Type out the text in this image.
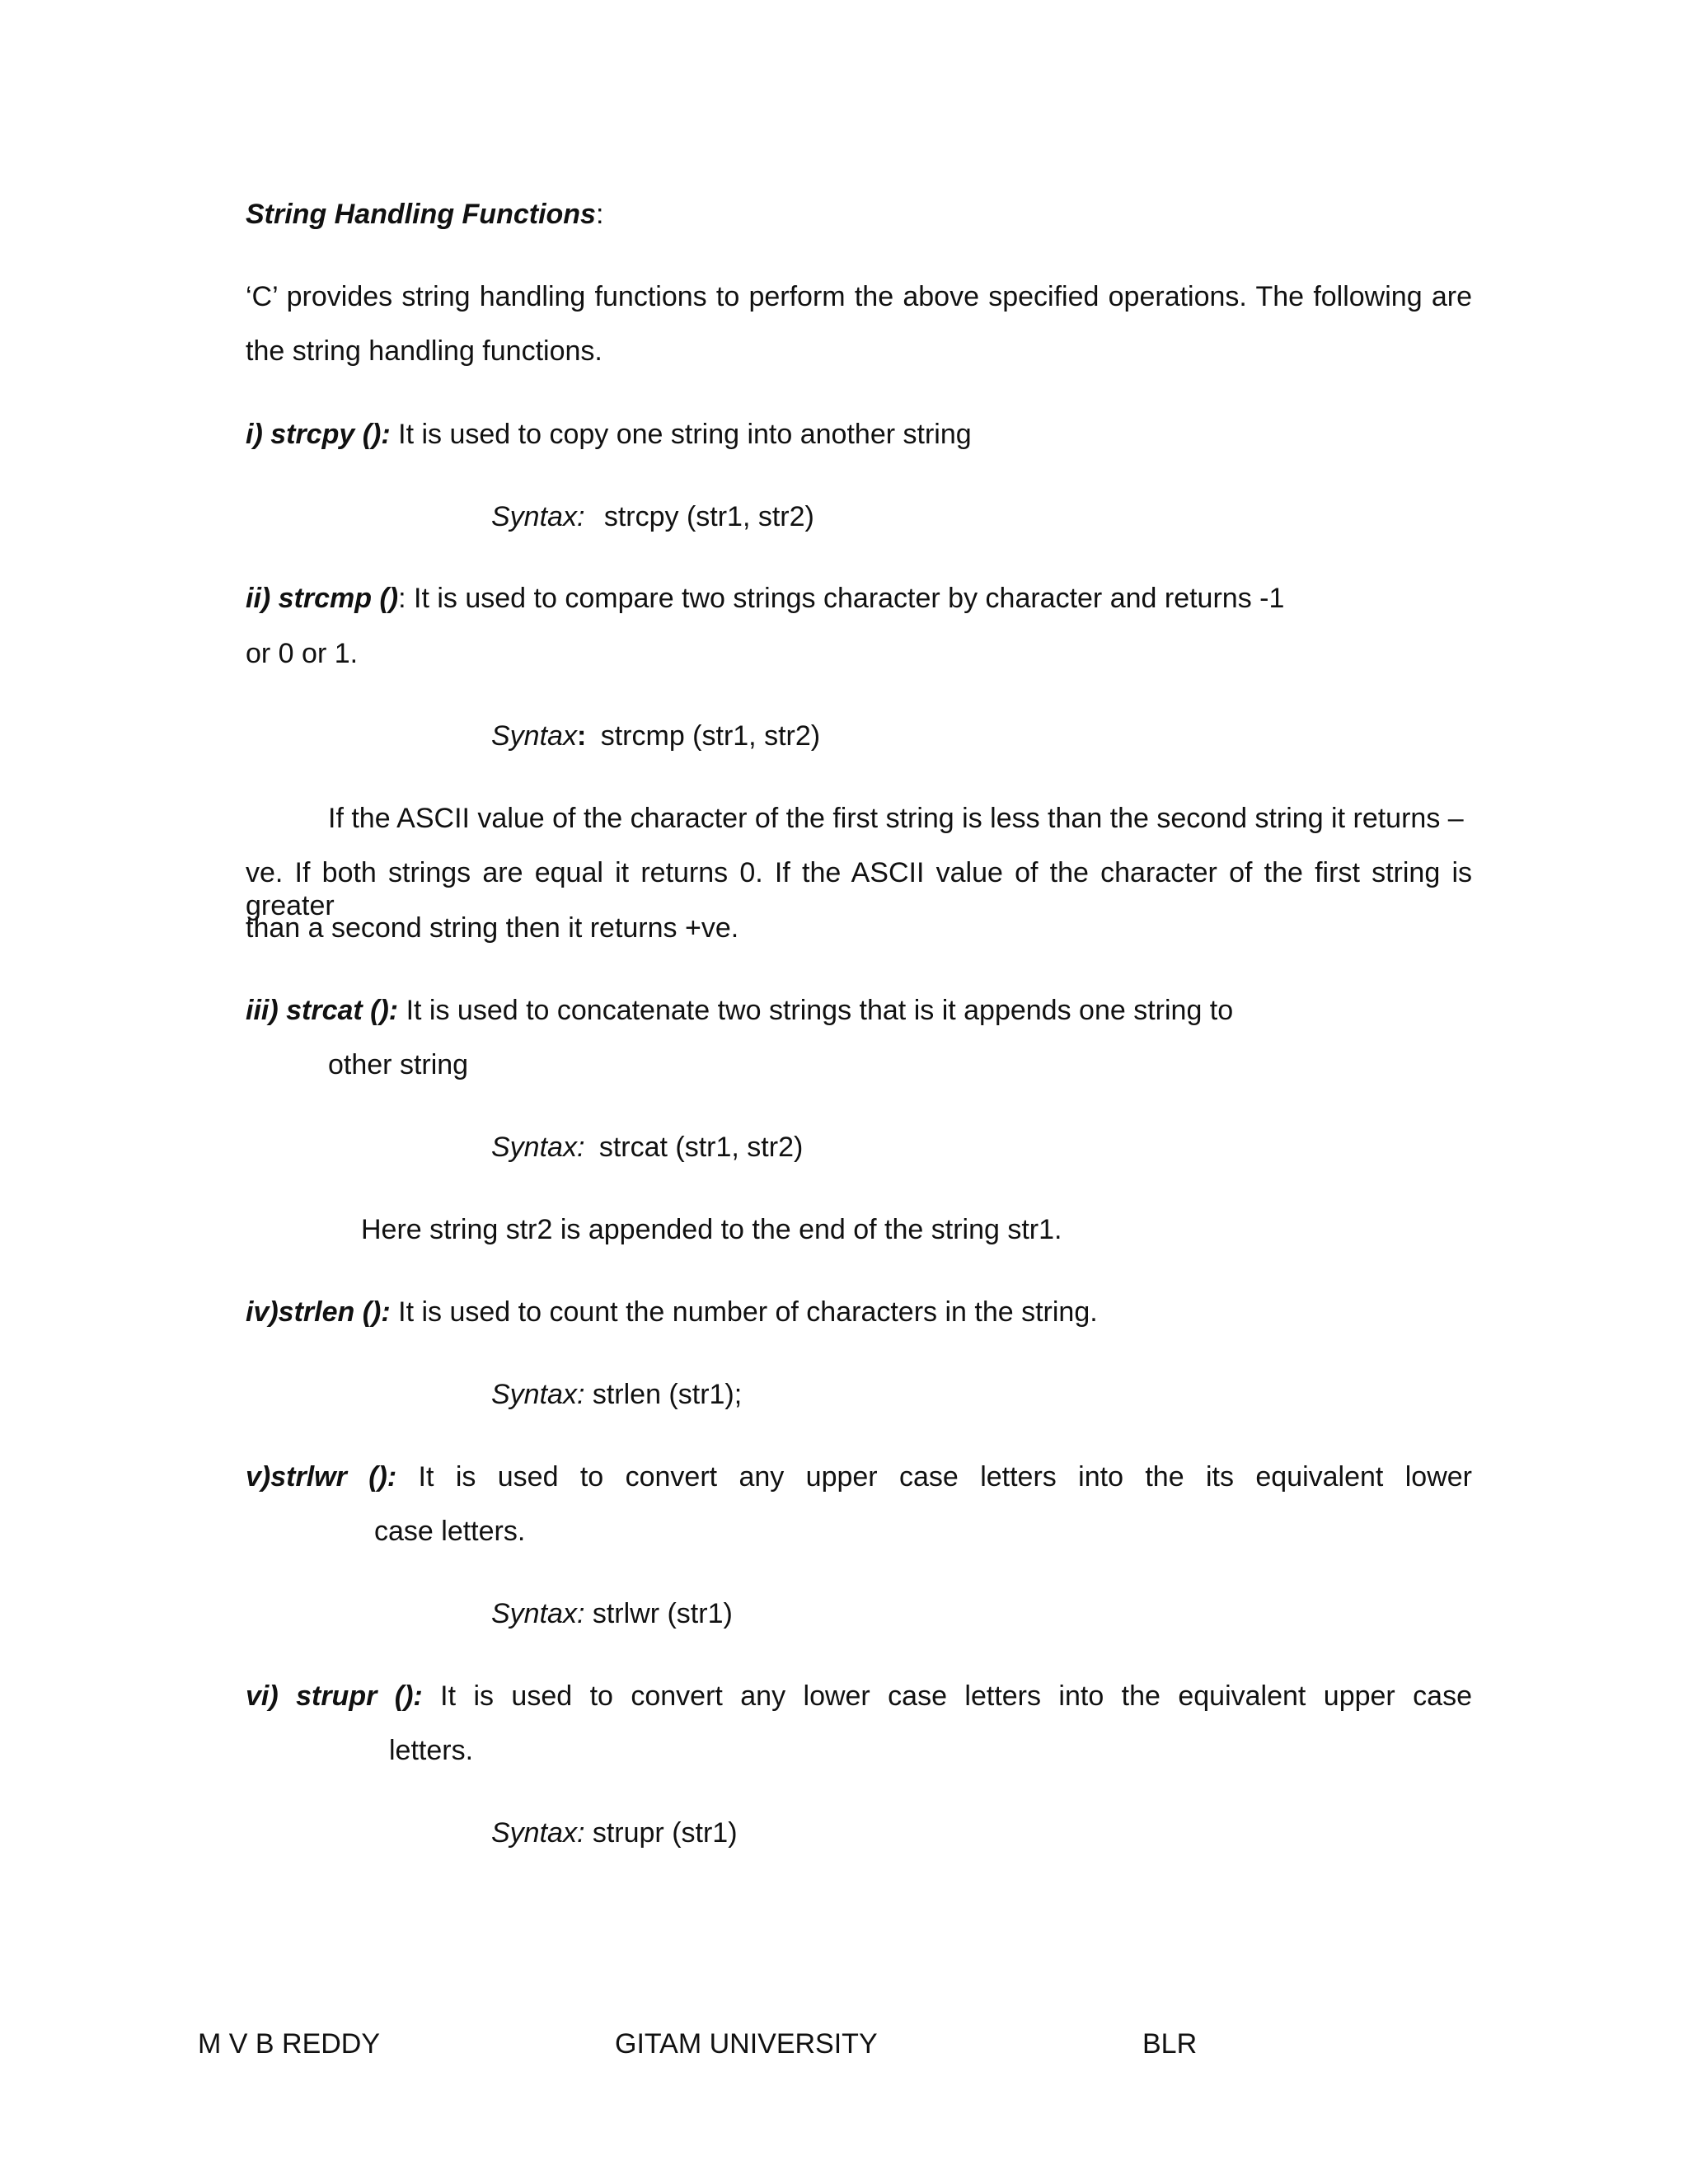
String Handling Functions:
‘C’ provides string handling functions to perform the above specified operations. The following are
the string handling functions.
i) strcpy (): It is used to copy one string into another string
Syntax: strcpy (str1, str2)
ii) strcmp (): It is used to compare two strings character by character and returns -1
or 0 or 1.
Syntax: strcmp (str1, str2)
If the ASCII value of the character of the first string is less than the second string it returns –
ve. If both strings are equal it returns 0. If the ASCII value of the character of the first string is greater
than a second string then it returns +ve.
iii) strcat (): It is used to concatenate two strings that is it appends one string to
other string
Syntax: strcat (str1, str2)
Here string str2 is appended to the end of the string str1.
iv)strlen (): It is used to count the number of characters in the string.
Syntax: strlen (str1);
v)strlwr (): It is used to convert any upper case letters into the its equivalent lower
case letters.
Syntax: strlwr (str1)
vi) strupr (): It is used to convert any lower case letters into the equivalent upper case
letters.
Syntax: strupr (str1)
M V B REDDY	GITAM UNIVERSITY	BLR
